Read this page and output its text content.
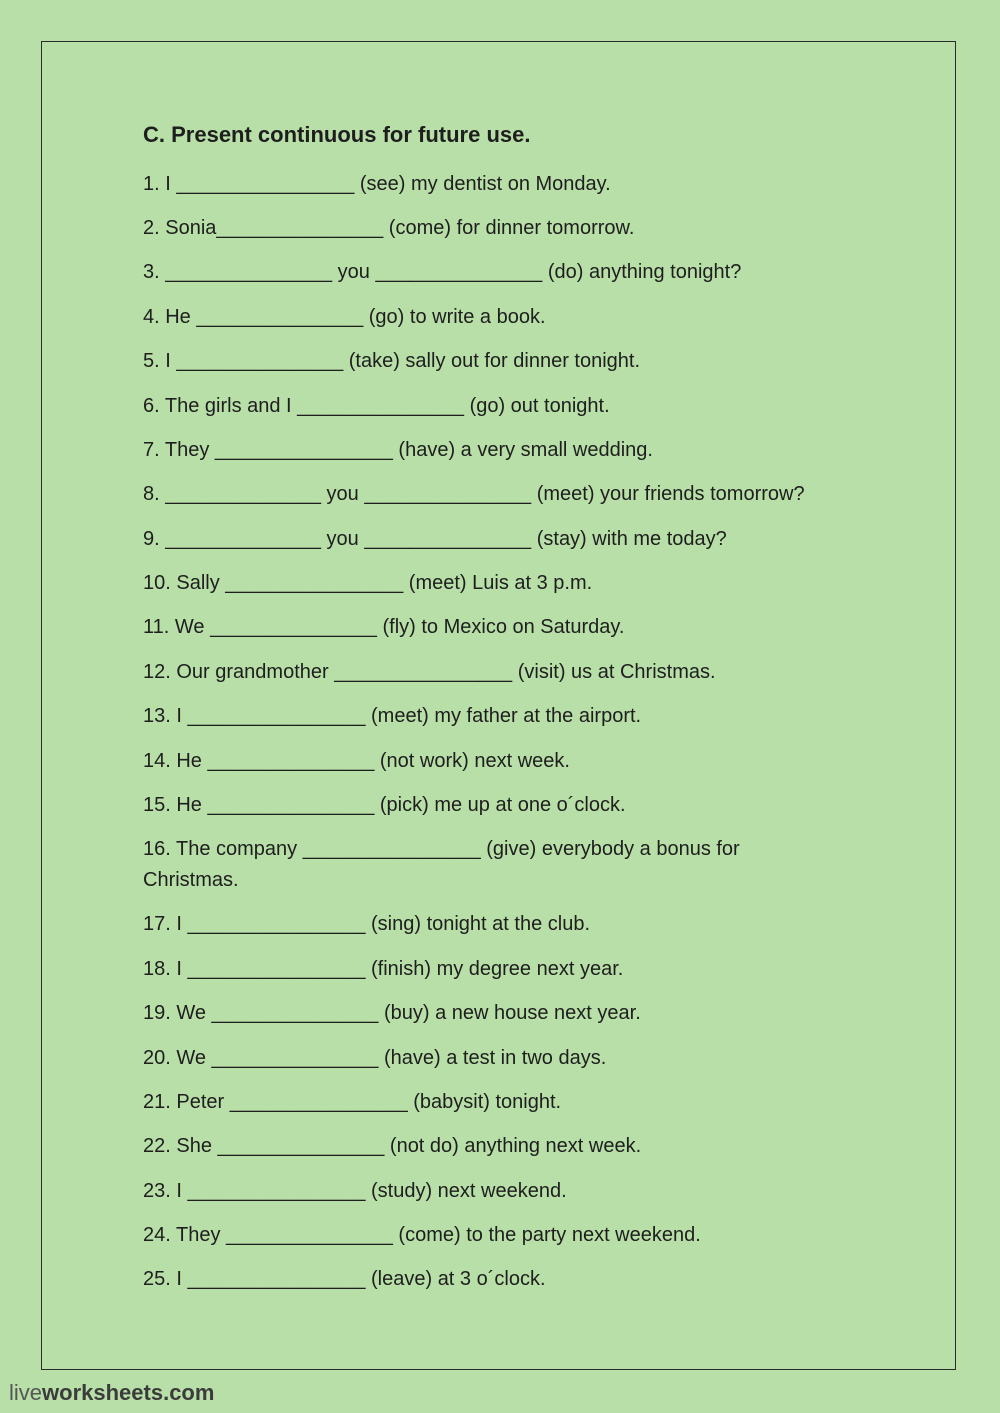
C. Present continuous for future use.
1. I ________________ (see) my dentist on Monday.
2. Sonia_______________ (come) for dinner tomorrow.
3. _______________ you _______________ (do) anything tonight?
4. He _______________ (go) to write a book.
5. I _______________ (take) sally out for dinner tonight.
6. The girls and I _______________ (go) out tonight.
7. They ________________ (have) a very small wedding.
8. ______________ you _______________ (meet) your friends tomorrow?
9. ______________ you _______________ (stay) with me today?
10. Sally ________________ (meet) Luis at 3 p.m.
11. We _______________ (fly) to Mexico on Saturday.
12. Our grandmother ________________ (visit) us at Christmas.
13. I ________________ (meet) my father at the airport.
14. He _______________ (not work) next week.
15. He _______________ (pick) me up at one o´clock.
16. The company ________________ (give) everybody a bonus for Christmas.
17. I ________________ (sing) tonight at the club.
18. I ________________ (finish) my degree next year.
19. We _______________ (buy) a new house next year.
20. We _______________ (have) a test in two days.
21. Peter ________________ (babysit) tonight.
22. She _______________ (not do) anything next week.
23. I ________________ (study) next weekend.
24. They _______________ (come) to the party next weekend.
25. I ________________ (leave) at 3 o´clock.
liveworksheets.com
